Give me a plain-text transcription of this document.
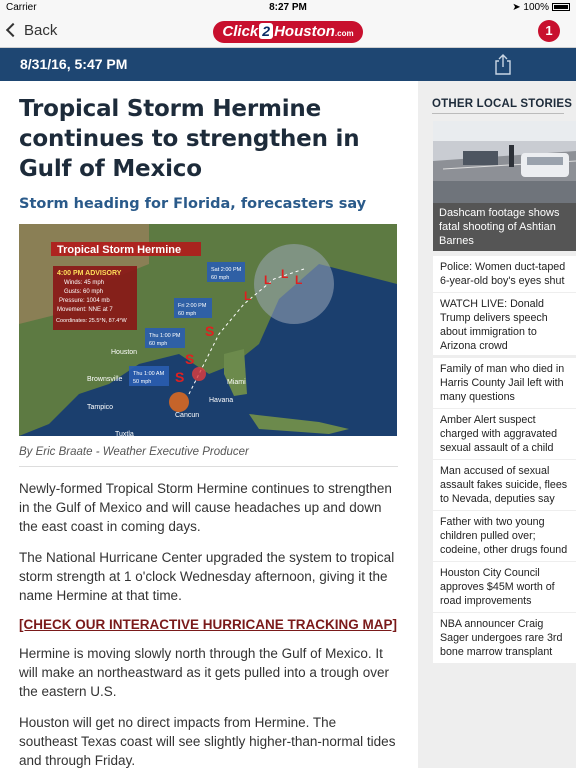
Carrier	8:27 PM	➤ 100%
Back	Click 2 Houston.com	1
8/31/16, 5:47 PM
Tropical Storm Hermine continues to strengthen in Gulf of Mexico
Storm heading for Florida, forecasters say
S
S
S
L
L L L
Tropical Storm Hermine
4:00 PM ADVISORY
Winds: 45 mph
Gusts: 60 mph
Pressure: 1004 mb
Movement: NNE at 7
Coordinates: 25.5°N, 87.4°W
Sat 2:00 PM
60 mph
Fri 2:00 PM
60 mph
Thu 1:00 PM
60 mph
Thu 1:00 AM
50 mph
Houston
Brownsville
Tampico
Miami
Havana
Cancun
Tuxtla
By Eric Braate - Weather Executive Producer

Newly-formed Tropical Storm Hermine continues to strengthen in the Gulf of Mexico and will cause headaches up and down the east coast in coming days.

The National Hurricane Center upgraded the system to tropical storm strength at 1 o'clock Wednesday afternoon, giving it the name Hermine at that time.

[CHECK OUR INTERACTIVE HURRICANE TRACKING MAP]

Hermine is moving slowly north through the Gulf of Mexico. It will make an northeastward as it gets pulled into a trough over the eastern U.S.

Houston will get no direct impacts from Hermine. The southeast Texas coast will see slightly higher-than-normal tides and through Friday.

OTHER LOCAL STORIES
Dashcam footage shows fatal shooting of Ashtian Barnes
Police: Women duct-taped 6-year-old boy's eyes shut
WATCH LIVE: Donald Trump delivers speech about immigration to Arizona crowd
Family of man who died in Harris County Jail left with many questions
Amber Alert suspect charged with aggravated sexual assault of a child
Man accused of sexual assault fakes suicide, flees to Nevada, deputies say
Father with two young children pulled over; codeine, other drugs found
Houston City Council approves $45M worth of road improvements
NBA announcer Craig Sager undergoes rare 3rd bone marrow transplant
